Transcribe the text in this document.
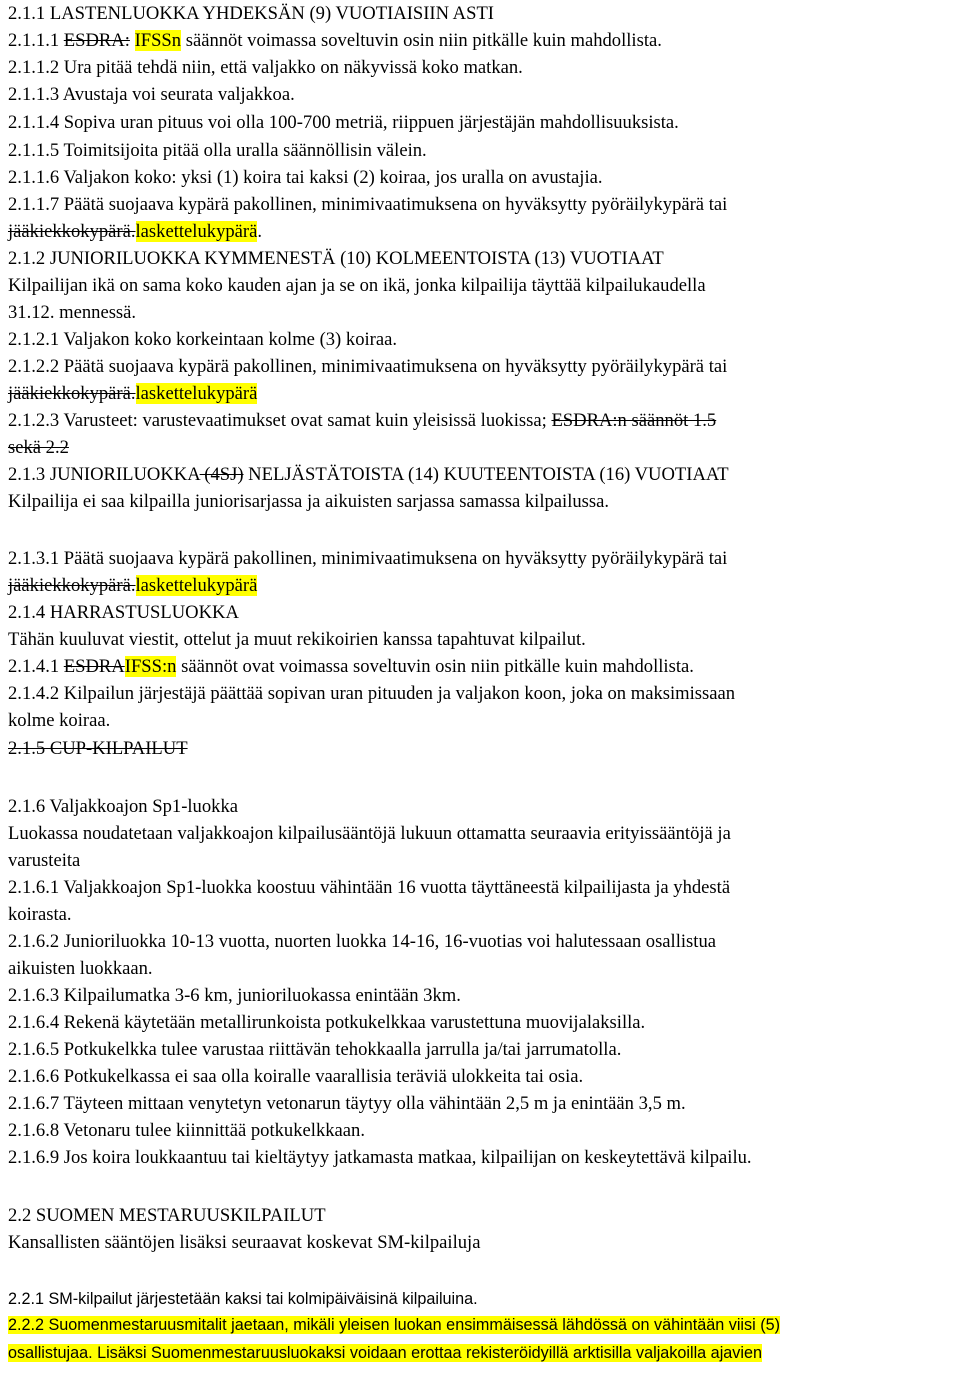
2.1.1 LASTENLUOKKA YHDEKSÄN (9) VUOTIAISIIN ASTI
2.1.1.1 ESDRA: IFSSn säännöt voimassa soveltuvin osin niin pitkälle kuin mahdollista.
2.1.1.2 Ura pitää tehdä niin, että valjakko on näkyvissä koko matkan.
2.1.1.3 Avustaja voi seurata valjakkoa.
2.1.1.4 Sopiva uran pituus voi olla 100-700 metriä, riippuen järjestäjän mahdollisuuksista.
2.1.1.5 Toimitsijoita pitää olla uralla säännöllisin välein.
2.1.1.6 Valjakon koko: yksi (1) koira tai kaksi (2) koiraa, jos uralla on avustajia.
2.1.1.7 Päätä suojaava kypärä pakollinen, minimivaatimuksena on hyväksytty pyöräilykypärä tai
jääkiekkokypärä.laskettelukypärä.
2.1.2 JUNIORILUOKKA KYMMENESTÄ (10) KOLMEENTOISTA (13) VUOTIAAT
Kilpailijan ikä on sama koko kauden ajan ja se on ikä, jonka kilpailija täyttää kilpailukaudella
31.12. mennessä.
2.1.2.1 Valjakon koko korkeintaan kolme (3) koiraa.
2.1.2.2 Päätä suojaava kypärä pakollinen, minimivaatimuksena on hyväksytty pyöräilykypärä tai
jääkiekkokypärä.laskettelukypärä
2.1.2.3 Varusteet: varustevaatimukset ovat samat kuin yleisissä luokissa; ESDRA:n säännöt 1.5
sekä 2.2
2.1.3 JUNIORILUOKKA (4SJ) NELJÄSTÄTOISTA (14) KUUTEENTOISTA (16) VUOTIAAT
Kilpailija ei saa kilpailla juniorisarjassa ja aikuisten sarjassa samassa kilpailussa.
2.1.3.1 Päätä suojaava kypärä pakollinen, minimivaatimuksena on hyväksytty pyöräilykypärä tai
jääkiekkokypärä.laskettelukypärä
2.1.4 HARRASTUSLUOKKA
Tähän kuuluvat viestit, ottelut ja muut rekikoirien kanssa tapahtuvat kilpailut.
2.1.4.1 ESDRAIFSS:n säännöt ovat voimassa soveltuvin osin niin pitkälle kuin mahdollista.
2.1.4.2 Kilpailun järjestäjä päättää sopivan uran pituuden ja valjakon koon, joka on maksimissaan
kolme koiraa.
2.1.5 CUP-KILPAILUT
2.1.6 Valjakkoajon Sp1-luokka
Luokassa noudatetaan valjakkoajon kilpailusääntöjä lukuun ottamatta seuraavia erityissääntöjä ja
varusteita
2.1.6.1 Valjakkoajon Sp1-luokka koostuu vähintään 16 vuotta täyttäneestä kilpailijasta ja yhdestä
koirasta.
2.1.6.2 Junioriluokka 10-13 vuotta, nuorten luokka 14-16, 16-vuotias voi halutessaan osallistua
aikuisten luokkaan.
2.1.6.3 Kilpailumatka 3-6 km, junioriluokassa enintään 3km.
2.1.6.4 Rekenä käytetään metallirunkoista potkukelkkaa varustettuna muovijalaksilla.
2.1.6.5 Potkukelkka tulee varustaa riittävän tehokkaalla jarrulla ja/tai jarrumatolla.
2.1.6.6 Potkukelkassa ei saa olla koiralle vaarallisia teräviä ulokkeita tai osia.
2.1.6.7 Täyteen mittaan venytetyn vetonarun täytyy olla vähintään 2,5 m ja enintään 3,5 m.
2.1.6.8 Vetonaru tulee kiinnittää potkukelkkaan.
2.1.6.9 Jos koira loukkaantuu tai kieltäytyy jatkamasta matkaa, kilpailijan on keskeytettävä kilpailu.
2.2 SUOMEN MESTARUUSKILPAILUT
Kansallisten sääntöjen lisäksi seuraavat koskevat SM-kilpailuja
2.2.1 SM-kilpailut järjestetään kaksi tai kolmipäiväisinä kilpailuina.
2.2.2 Suomenmestaruusmitalit jaetaan, mikäli yleisen luokan ensimmäisessä lähdössä on vähintään viisi (5)
osallistujaa. Lisäksi Suomenmestaruusluokaksi voidaan erottaa rekisteröidyillä arktisilla valjakoilla ajavien
